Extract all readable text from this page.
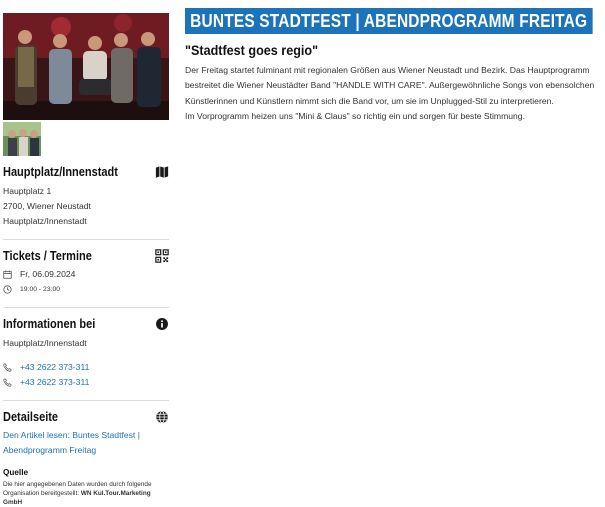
Hauptplatz/Innenstadt
Hauptplatz 1
2700, Wiener Neustadt
Hauptplatz/Innenstadt
Tickets / Termine
Fr, 06.09.2024
19:00 - 23:00
Informationen bei
Hauptplatz/Innenstadt
+43 2622 373-311
+43 2622 373-311
Detailseite
Den Artikel lesen: Buntes Stadtfest | Abendprogramm Freitag
Quelle
Die hier angegebenen Daten wurden durch folgende Organisation bereitgestellt: WN Kul.Tour.Marketing GmbH
BUNTES STADTFEST | ABENDPROGRAMM FREITAG
"Stadtfest goes regio"

Der Freitag startet fulminant mit regionalen Größen aus Wiener Neustadt und Bezirk. Das Hauptprogramm bestreitet die Wiener Neustädter Band "HANDLE WITH CARE". Außergewöhnliche Songs von ebensolchen Künstlerinnen und Künstlern nimmt sich die Band vor, um sie im Unplugged-Stil zu interpretieren.

Im Vorprogramm heizen uns "Mini & Claus" so richtig ein und sorgen für beste Stimmung.
